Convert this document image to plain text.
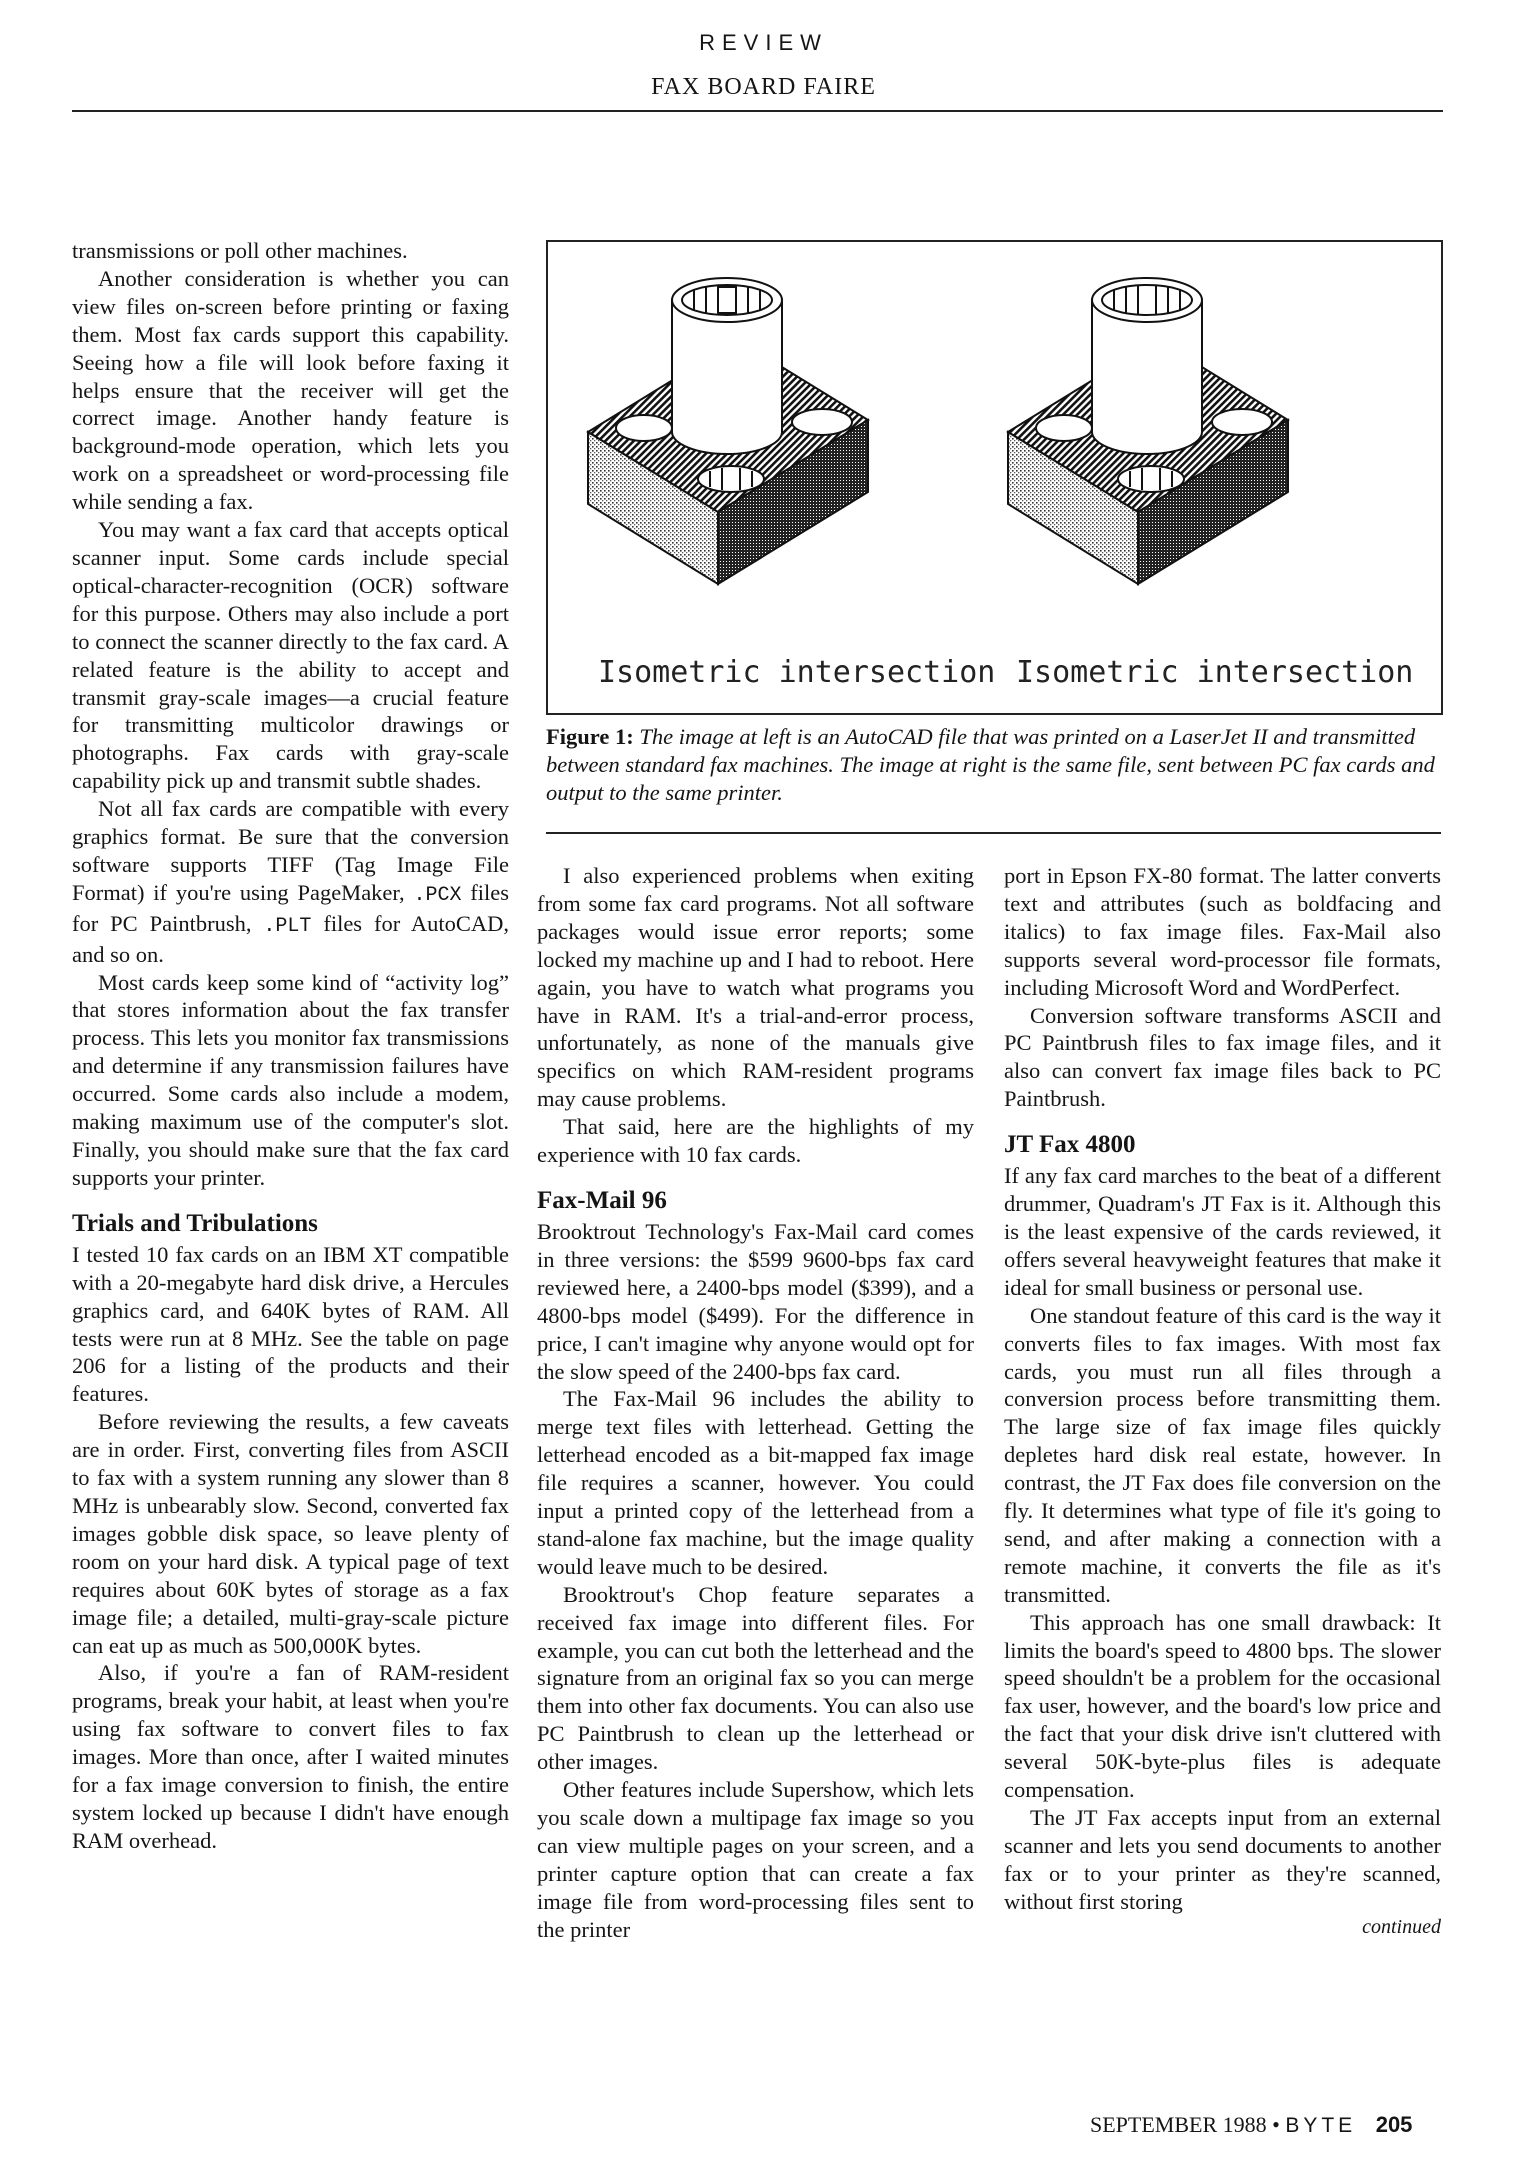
REVIEW
FAX BOARD FAIRE

transmissions or poll other machines.

Another consideration is whether you can view files on-screen before printing or faxing them. Most fax cards support this capability. Seeing how a file will look before faxing it helps ensure that the receiver will get the correct image. Another handy feature is background-mode operation, which lets you work on a spreadsheet or word-processing file while sending a fax.

You may want a fax card that accepts optical scanner input. Some cards include special optical-character-recognition (OCR) software for this purpose. Others may also include a port to connect the scanner directly to the fax card. A related feature is the ability to accept and transmit gray-scale images—a crucial feature for transmitting multicolor drawings or photographs. Fax cards with gray-scale capability pick up and transmit subtle shades.

Not all fax cards are compatible with every graphics format. Be sure that the conversion software supports TIFF (Tag Image File Format) if you're using PageMaker, .PCX files for PC Paintbrush, .PLT files for AutoCAD, and so on.

Most cards keep some kind of “activity log” that stores information about the fax transfer process. This lets you monitor fax transmissions and determine if any transmission failures have occurred. Some cards also include a modem, making maximum use of the computer's slot. Finally, you should make sure that the fax card supports your printer.

Trials and Tribulations

I tested 10 fax cards on an IBM XT compatible with a 20-megabyte hard disk drive, a Hercules graphics card, and 640K bytes of RAM. All tests were run at 8 MHz. See the table on page 206 for a listing of the products and their features.

Before reviewing the results, a few caveats are in order. First, converting files from ASCII to fax with a system running any slower than 8 MHz is unbearably slow. Second, converted fax images gobble disk space, so leave plenty of room on your hard disk. A typical page of text requires about 60K bytes of storage as a fax image file; a detailed, multi-gray-scale picture can eat up as much as 500,000K bytes.

Also, if you're a fan of RAM-resident programs, break your habit, at least when you're using fax software to convert files to fax images. More than once, after I waited minutes for a fax image conversion to finish, the entire system locked up because I didn't have enough RAM overhead.

Isometric intersection Isometric intersection
Figure 1: The image at left is an AutoCAD file that was printed on a LaserJet II and transmitted between standard fax machines. The image at right is the same file, sent between PC fax cards and output to the same printer.

I also experienced problems when exiting from some fax card programs. Not all software packages would issue error reports; some locked my machine up and I had to reboot. Here again, you have to watch what programs you have in RAM. It's a trial-and-error process, unfortunately, as none of the manuals give specifics on which RAM-resident programs may cause problems.

That said, here are the highlights of my experience with 10 fax cards.

Fax-Mail 96

Brooktrout Technology's Fax-Mail card comes in three versions: the $599 9600-bps fax card reviewed here, a 2400-bps model ($399), and a 4800-bps model ($499). For the difference in price, I can't imagine why anyone would opt for the slow speed of the 2400-bps fax card.

The Fax-Mail 96 includes the ability to merge text files with letterhead. Getting the letterhead encoded as a bit-mapped fax image file requires a scanner, however. You could input a printed copy of the letterhead from a stand-alone fax machine, but the image quality would leave much to be desired.

Brooktrout's Chop feature separates a received fax image into different files. For example, you can cut both the letterhead and the signature from an original fax so you can merge them into other fax documents. You can also use PC Paintbrush to clean up the letterhead or other images.

Other features include Supershow, which lets you scale down a multipage fax image so you can view multiple pages on your screen, and a printer capture option that can create a fax image file from word-processing files sent to the printer

port in Epson FX-80 format. The latter converts text and attributes (such as boldfacing and italics) to fax image files. Fax-Mail also supports several word-processor file formats, including Microsoft Word and WordPerfect.

Conversion software transforms ASCII and PC Paintbrush files to fax image files, and it also can convert fax image files back to PC Paintbrush.

JT Fax 4800

If any fax card marches to the beat of a different drummer, Quadram's JT Fax is it. Although this is the least expensive of the cards reviewed, it offers several heavyweight features that make it ideal for small business or personal use.

One standout feature of this card is the way it converts files to fax images. With most fax cards, you must run all files through a conversion process before transmitting them. The large size of fax image files quickly depletes hard disk real estate, however. In contrast, the JT Fax does file conversion on the fly. It determines what type of file it's going to send, and after making a connection with a remote machine, it converts the file as it's transmitted.

This approach has one small drawback: It limits the board's speed to 4800 bps. The slower speed shouldn't be a problem for the occasional fax user, however, and the board's low price and the fact that your disk drive isn't cluttered with several 50K-byte-plus files is adequate compensation.

The JT Fax accepts input from an external scanner and lets you send documents to another fax or to your printer as they're scanned, without first storing

continued
SEPTEMBER 1988 • BYTE 205
